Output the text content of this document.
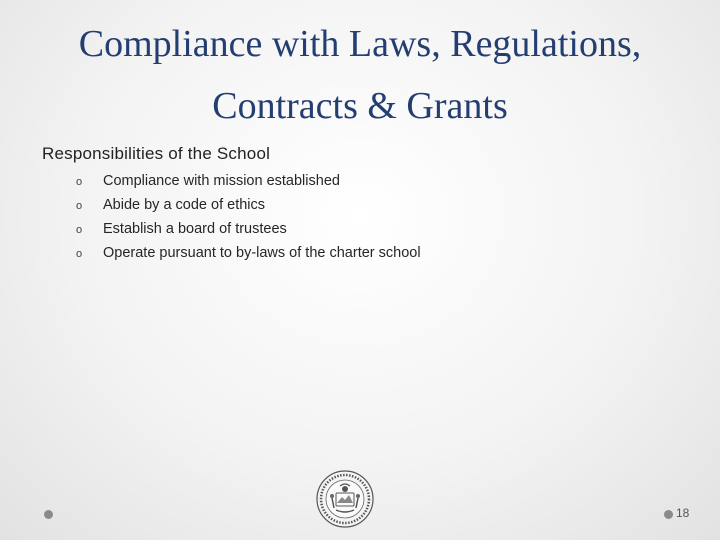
Compliance with Laws, Regulations,
Contracts & Grants
Responsibilities of the School
o Compliance with mission established
o Abide by a code of ethics
o Establish a board of trustees
o Operate pursuant to by-laws of the charter school
18
